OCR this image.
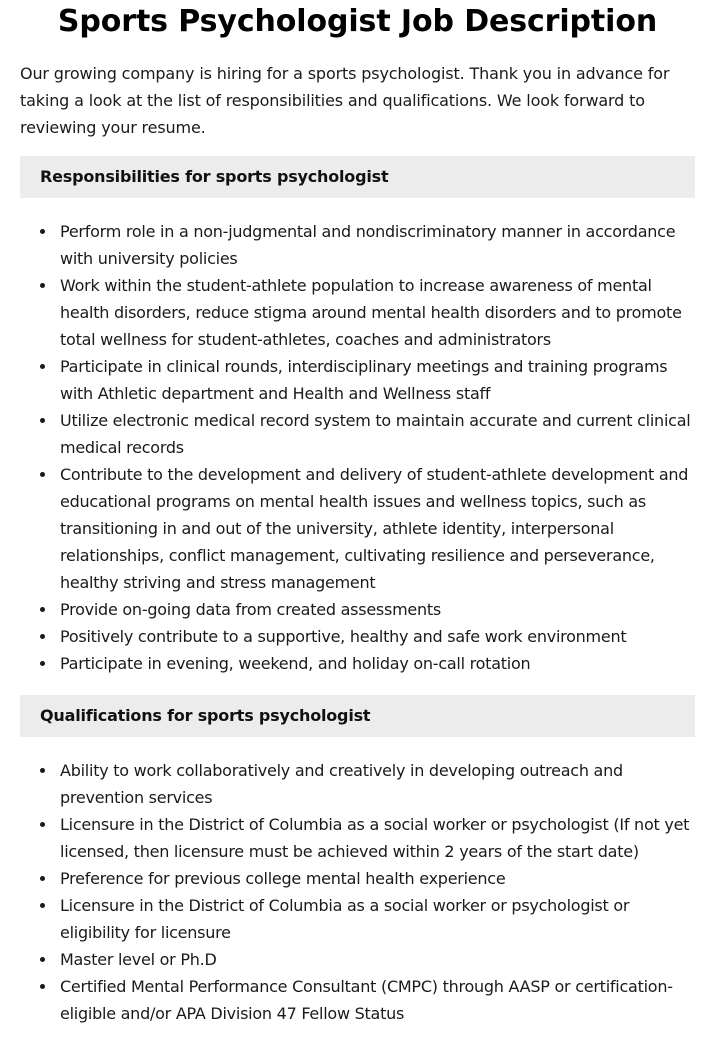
Sports Psychologist Job Description

Our growing company is hiring for a sports psychologist. Thank you in advance for taking a look at the list of responsibilities and qualifications. We look forward to reviewing your resume.

Responsibilities for sports psychologist
Perform role in a non-judgmental and nondiscriminatory manner in accordance with university policies
Work within the student-athlete population to increase awareness of mental health disorders, reduce stigma around mental health disorders and to promote total wellness for student-athletes, coaches and administrators
Participate in clinical rounds, interdisciplinary meetings and training programs with Athletic department and Health and Wellness staff
Utilize electronic medical record system to maintain accurate and current clinical medical records
Contribute to the development and delivery of student-athlete development and educational programs on mental health issues and wellness topics, such as transitioning in and out of the university, athlete identity, interpersonal relationships, conflict management, cultivating resilience and perseverance, healthy striving and stress management
Provide on-going data from created assessments
Positively contribute to a supportive, healthy and safe work environment
Participate in evening, weekend, and holiday on-call rotation
Qualifications for sports psychologist
Ability to work collaboratively and creatively in developing outreach and prevention services
Licensure in the District of Columbia as a social worker or psychologist (If not yet licensed, then licensure must be achieved within 2 years of the start date)
Preference for previous college mental health experience
Licensure in the District of Columbia as a social worker or psychologist or eligibility for licensure
Master level or Ph.D
Certified Mental Performance Consultant (CMPC) through AASP or certification-eligible and/or APA Division 47 Fellow Status
